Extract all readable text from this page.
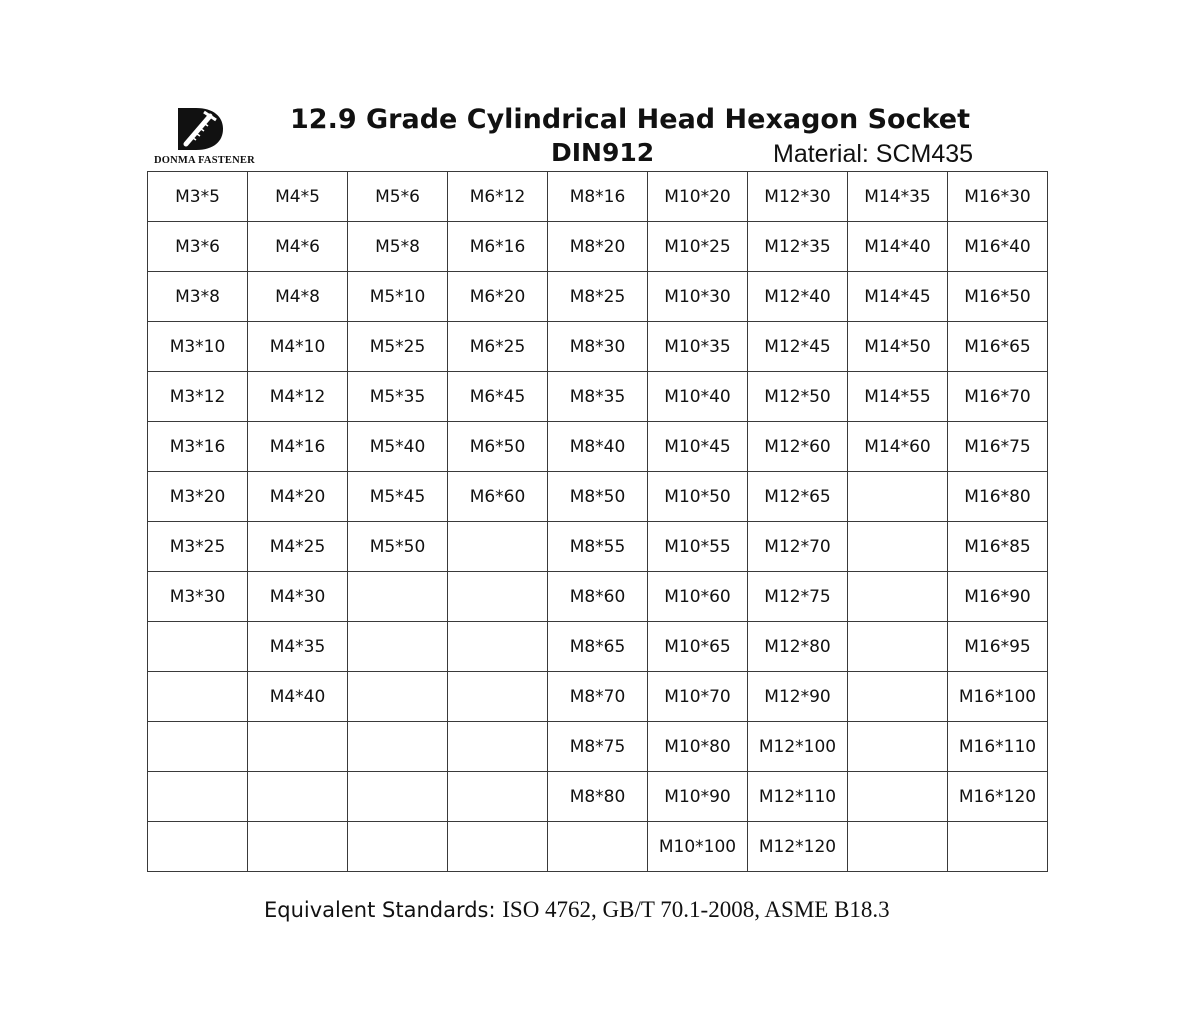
DONMA FASTENER
12.9 Grade Cylindrical Head Hexagon Socket
DIN912	Material: SCM435
M3*5	M4*5	M5*6	M6*12	M8*16	M10*20	M12*30	M14*35	M16*30
M3*6	M4*6	M5*8	M6*16	M8*20	M10*25	M12*35	M14*40	M16*40
M3*8	M4*8	M5*10	M6*20	M8*25	M10*30	M12*40	M14*45	M16*50
M3*10	M4*10	M5*25	M6*25	M8*30	M10*35	M12*45	M14*50	M16*65
M3*12	M4*12	M5*35	M6*45	M8*35	M10*40	M12*50	M14*55	M16*70
M3*16	M4*16	M5*40	M6*50	M8*40	M10*45	M12*60	M14*60	M16*75
M3*20	M4*20	M5*45	M6*60	M8*50	M10*50	M12*65		M16*80
M3*25	M4*25	M5*50		M8*55	M10*55	M12*70		M16*85
M3*30	M4*30			M8*60	M10*60	M12*75		M16*90
	M4*35			M8*65	M10*65	M12*80		M16*95
	M4*40			M8*70	M10*70	M12*90		M16*100
				M8*75	M10*80	M12*100		M16*110
				M8*80	M10*90	M12*110		M16*120
					M10*100	M12*120		
Equivalent Standards: ISO 4762, GB/T 70.1-2008, ASME B18.3
